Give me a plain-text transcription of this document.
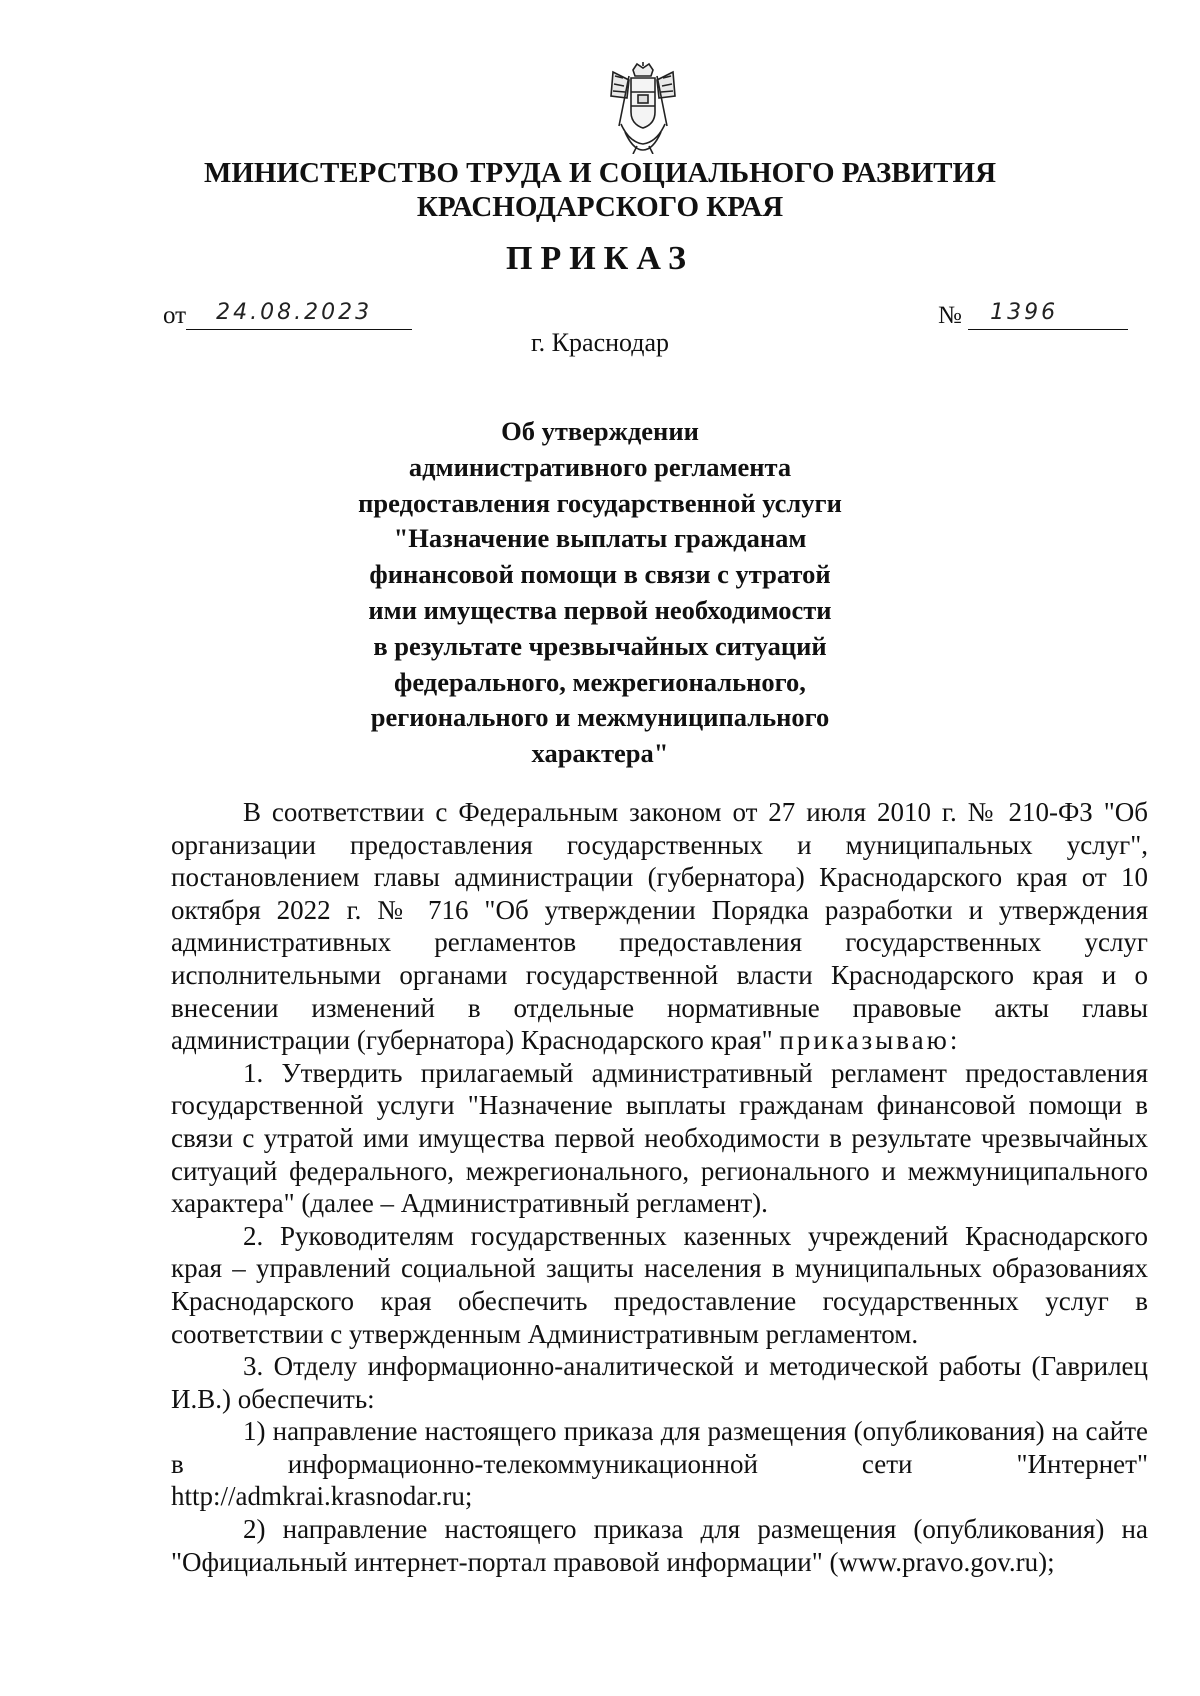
МИНИСТЕРСТВО ТРУДА И СОЦИАЛЬНОГО РАЗВИТИЯ
КРАСНОДАРСКОГО КРАЯ
ПРИКАЗ
от 24.08.2023	№ 1396
г. Краснодар
Об утверждении
административного регламента
предоставления государственной услуги
"Назначение выплаты гражданам
финансовой помощи в связи с утратой
ими имущества первой необходимости
в результате чрезвычайных ситуаций
федерального, межрегионального,
регионального и межмуниципального
характера"

В соответствии с Федеральным законом от 27 июля 2010 г. № 210-ФЗ "Об организации предоставления государственных и муниципальных услуг", постановлением главы администрации (губернатора) Краснодарского края от 10 октября 2022 г. № 716 "Об утверждении Порядка разработки и утверждения административных регламентов предоставления государственных услуг исполнительными органами государственной власти Краснодарского края и о внесении изменений в отдельные нормативные правовые акты главы администрации (губернатора) Краснодарского края" приказываю:

1. Утвердить прилагаемый административный регламент предоставления государственной услуги "Назначение выплаты гражданам финансовой помощи в связи с утратой ими имущества первой необходимости в результате чрезвычайных ситуаций федерального, межрегионального, регионального и межмуниципального характера" (далее – Административный регламент).

2. Руководителям государственных казенных учреждений Краснодарского края – управлений социальной защиты населения в муниципальных образованиях Краснодарского края обеспечить предоставление государственных услуг в соответствии с утвержденным Административным регламентом.

3. Отделу информационно-аналитической и методической работы (Гаврилец И.В.) обеспечить:

1) направление настоящего приказа для размещения (опубликования) на сайте в информационно-телекоммуникационной сети "Интернет" http://admkrai.krasnodar.ru;

2) направление настоящего приказа для размещения (опубликования) на "Официальный интернет-портал правовой информации" (www.pravo.gov.ru);
